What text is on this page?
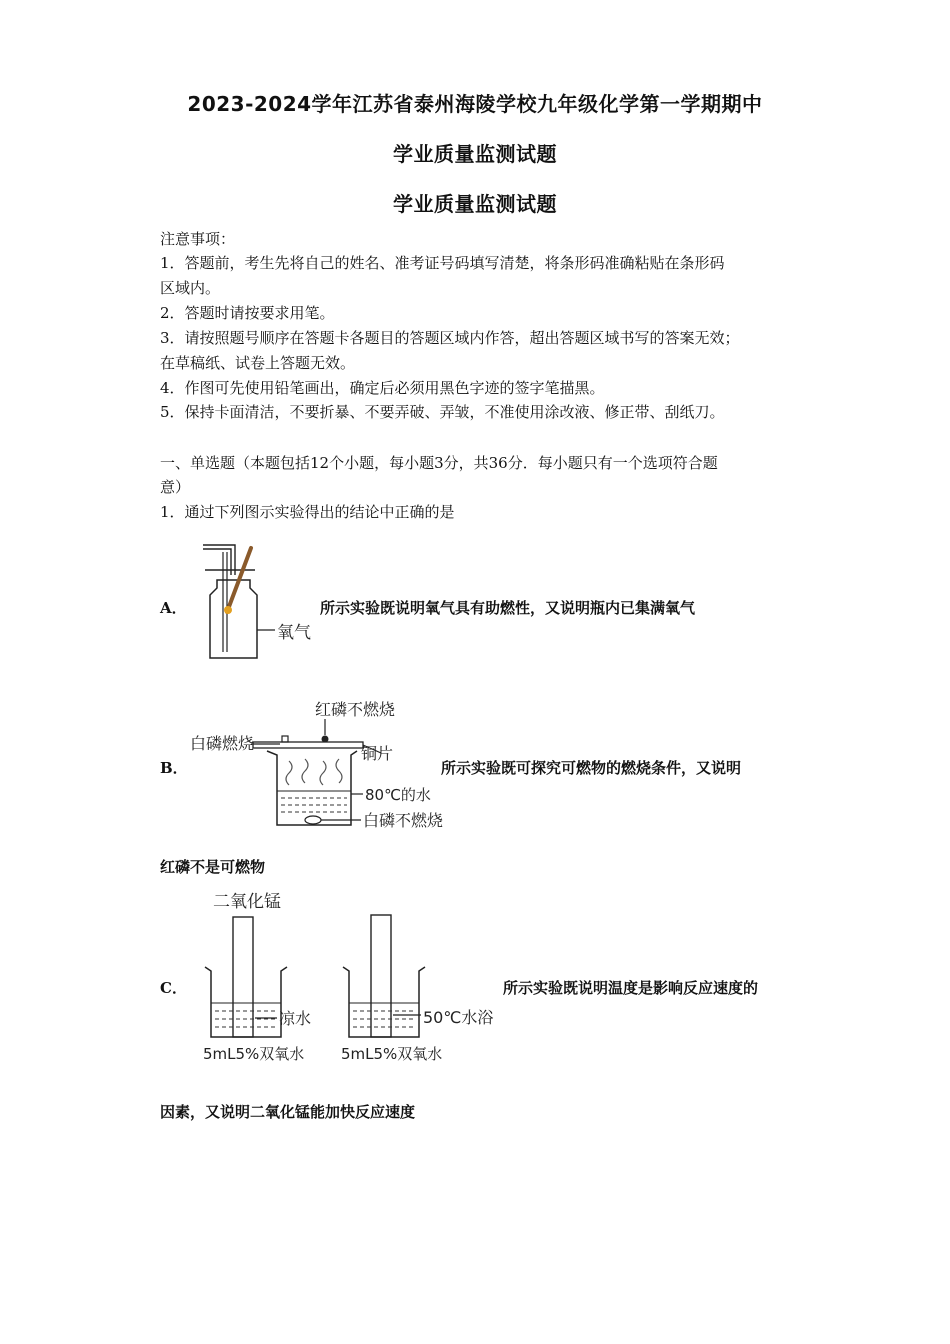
2023-2024学年江苏省泰州海陵学校九年级化学第一学期期中
学业质量监测试题
学业质量监测试题
注意事项：
1．答题前，考生先将自己的姓名、准考证号码填写清楚，将条形码准确粘贴在条形码
区域内。
2．答题时请按要求用笔。
3．请按照题号顺序在答题卡各题目的答题区域内作答，超出答题区域书写的答案无效；
在草稿纸、试卷上答题无效。
4．作图可先使用铅笔画出，确定后必须用黑色字迹的签字笔描黑。
5．保持卡面清洁，不要折暴、不要弄破、弄皱，不准使用涂改液、修正带、刮纸刀。
一、单选题（本题包括12个小题，每小题3分，共36分．每小题只有一个选项符合题
意）
1．通过下列图示实验得出的结论中正确的是
A．
氧气
所示实验既说明氧气具有助燃性，又说明瓶内已集满氧气
B．
红磷不燃烧
白磷燃烧
铜片
80℃的水
白磷不燃烧
所示实验既可探究可燃物的燃烧条件，又说明
红磷不是可燃物
C．
二氧化锰
凉水
5mL5%双氧水
50℃水浴
5mL5%双氧水
所示实验既说明温度是影响反应速度的
因素，又说明二氧化锰能加快反应速度
